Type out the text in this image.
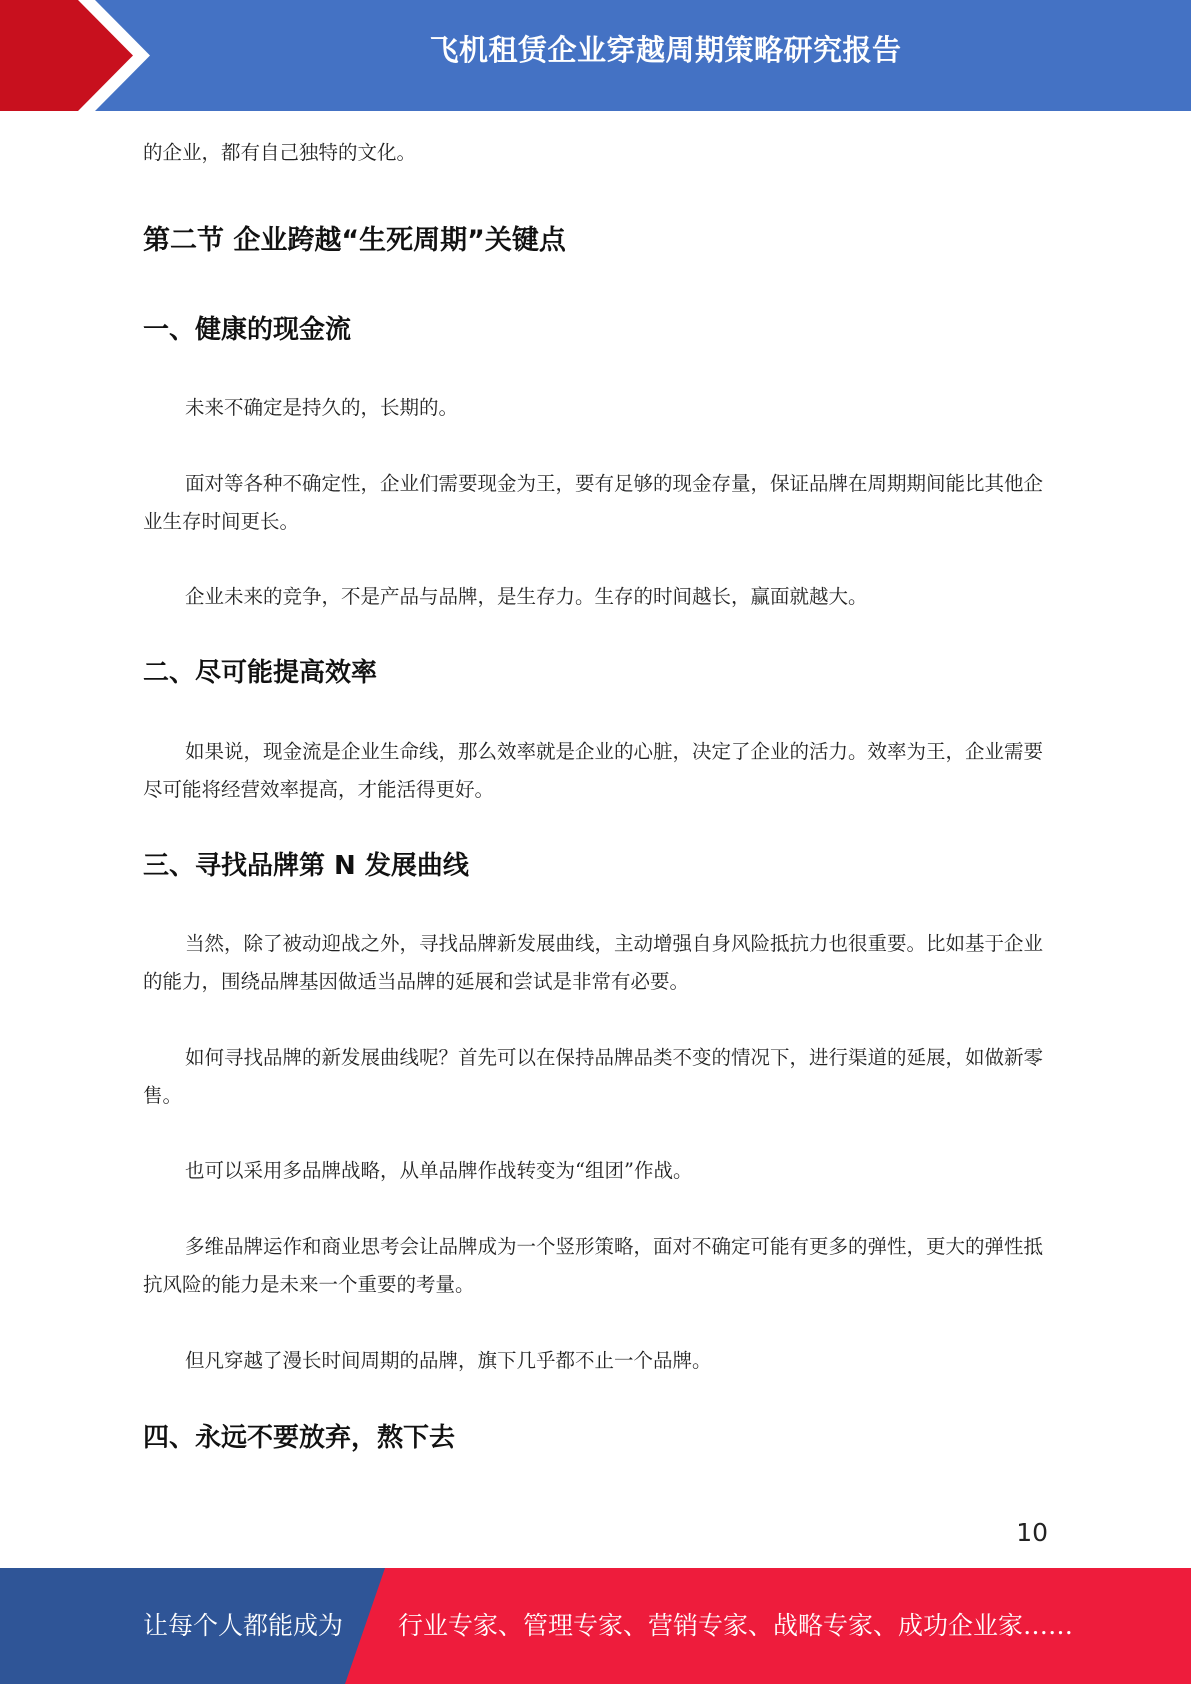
飞机租赁企业穿越周期策略研究报告

的企业，都有自己独特的文化。

第二节 企业跨越“生死周期”关键点
一、健康的现金流

未来不确定是持久的，长期的。

面对等各种不确定性，企业们需要现金为王，要有足够的现金存量，保证品牌在周期期间能比其他企业生存时间更长。

企业未来的竞争，不是产品与品牌，是生存力。生存的时间越长，赢面就越大。

二、尽可能提高效率

如果说，现金流是企业生命线，那么效率就是企业的心脏，决定了企业的活力。效率为王，企业需要尽可能将经营效率提高，才能活得更好。

三、寻找品牌第 N 发展曲线

当然，除了被动迎战之外，寻找品牌新发展曲线，主动增强自身风险抵抗力也很重要。比如基于企业的能力，围绕品牌基因做适当品牌的延展和尝试是非常有必要。

如何寻找品牌的新发展曲线呢？首先可以在保持品牌品类不变的情况下，进行渠道的延展，如做新零售。

也可以采用多品牌战略，从单品牌作战转变为“组团”作战。

多维品牌运作和商业思考会让品牌成为一个竖形策略，面对不确定可能有更多的弹性，更大的弹性抵抗风险的能力是未来一个重要的考量。

但凡穿越了漫长时间周期的品牌，旗下几乎都不止一个品牌。

四、永远不要放弃，熬下去
10
让每个人都能成为 行业专家、管理专家、营销专家、战略专家、成功企业家……
